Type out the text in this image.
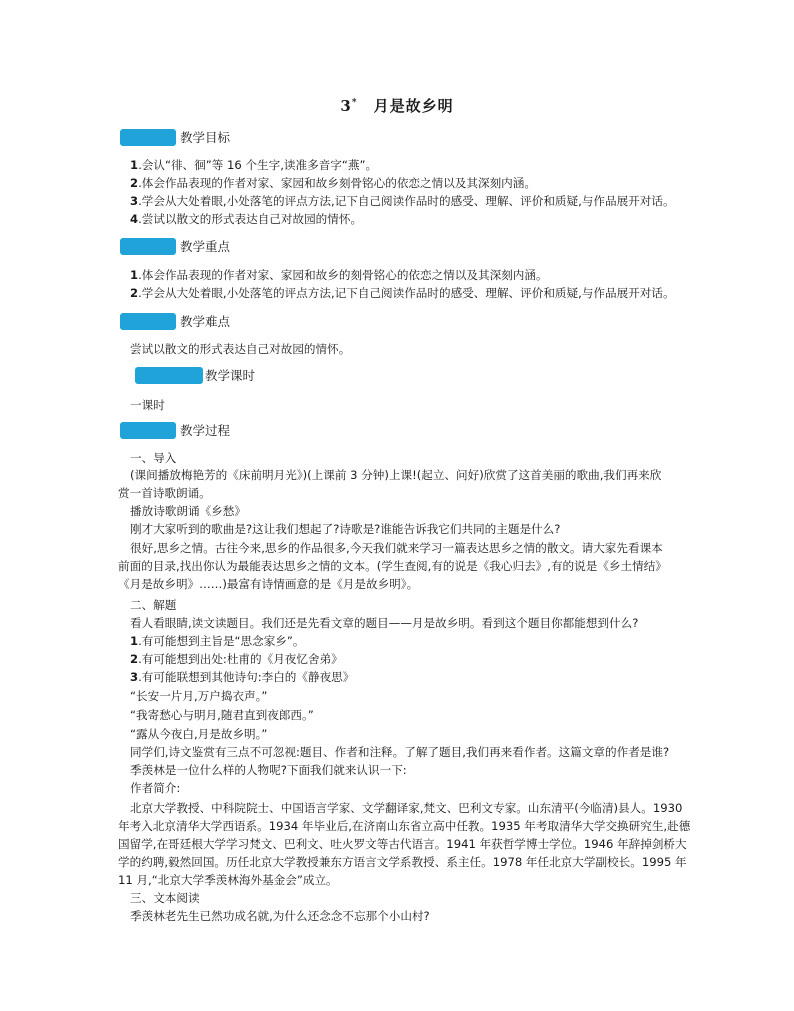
3* 月是故乡明
教学目标
1.会认“徘、徊”等 16 个生字,读准多音字“燕”。
2.体会作品表现的作者对家、家园和故乡刻骨铭心的依恋之情以及其深刻内涵。
3.学会从大处着眼,小处落笔的评点方法,记下自己阅读作品时的感受、理解、评价和质疑,与作品展开对话。
4.尝试以散文的形式表达自己对故园的情怀。
教学重点
1.体会作品表现的作者对家、家园和故乡的刻骨铭心的依恋之情以及其深刻内涵。
2.学会从大处着眼,小处落笔的评点方法,记下自己阅读作品时的感受、理解、评价和质疑,与作品展开对话。
教学难点
尝试以散文的形式表达自己对故园的情怀。
教学课时
一课时
教学过程
一、导入
(课间播放梅艳芳的《床前明月光》)(上课前 3 分钟)上课!(起立、问好)欣赏了这首美丽的歌曲,我们再来欣
赏一首诗歌朗诵。
播放诗歌朗诵《乡愁》
刚才大家听到的歌曲是?这让我们想起了?诗歌是?谁能告诉我它们共同的主题是什么?
很好,思乡之情。古往今来,思乡的作品很多,今天我们就来学习一篇表达思乡之情的散文。请大家先看课本
前面的目录,找出你认为最能表达思乡之情的文本。(学生查阅,有的说是《我心归去》,有的说是《乡土情结》
《月是故乡明》……)最富有诗情画意的是《月是故乡明》。
二、解题
看人看眼睛,读文读题目。我们还是先看文章的题目——月是故乡明。看到这个题目你都能想到什么?
1.有可能想到主旨是“思念家乡”。
2.有可能想到出处:杜甫的《月夜忆舍弟》
3.有可能联想到其他诗句:李白的《静夜思》
“长安一片月,万户捣衣声。”
“我寄愁心与明月,随君直到夜郎西。”
“露从今夜白,月是故乡明。”
同学们,诗文鉴赏有三点不可忽视:题目、作者和注释。了解了题目,我们再来看作者。这篇文章的作者是谁?
季羡林是一位什么样的人物呢?下面我们就来认识一下:
作者简介:
北京大学教授、中科院院士、中国语言学家、文学翻译家,梵文、巴利文专家。山东清平(今临清)县人。1930
年考入北京清华大学西语系。1934 年毕业后,在济南山东省立高中任教。1935 年考取清华大学交换研究生,赴德
国留学,在哥廷根大学学习梵文、巴利文、吐火罗文等古代语言。1941 年获哲学博士学位。1946 年辞掉剑桥大
学的约聘,毅然回国。历任北京大学教授兼东方语言文学系教授、系主任。1978 年任北京大学副校长。1995 年
11 月,“北京大学季羡林海外基金会”成立。
三、文本阅读
季羡林老先生已然功成名就,为什么还念念不忘那个小山村?
